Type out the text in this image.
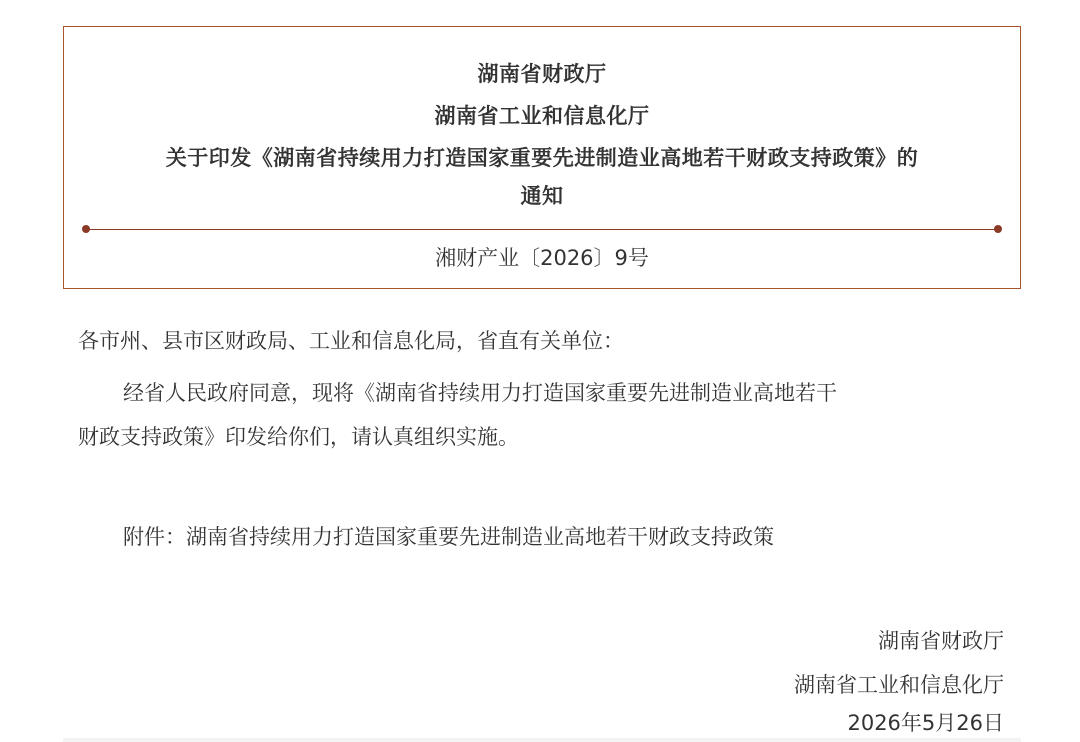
湖南省财政厅
湖南省工业和信息化厅
关于印发《湖南省持续用力打造国家重要先进制造业高地若干财政支持政策》的
通知
湘财产业〔2026〕9号
各市州、县市区财政局、工业和信息化局，省直有关单位：
经省人民政府同意，现将《湖南省持续用力打造国家重要先进制造业高地若干
财政支持政策》印发给你们，请认真组织实施。
附件：湖南省持续用力打造国家重要先进制造业高地若干财政支持政策
湖南省财政厅
湖南省工业和信息化厅
2026年5月26日
